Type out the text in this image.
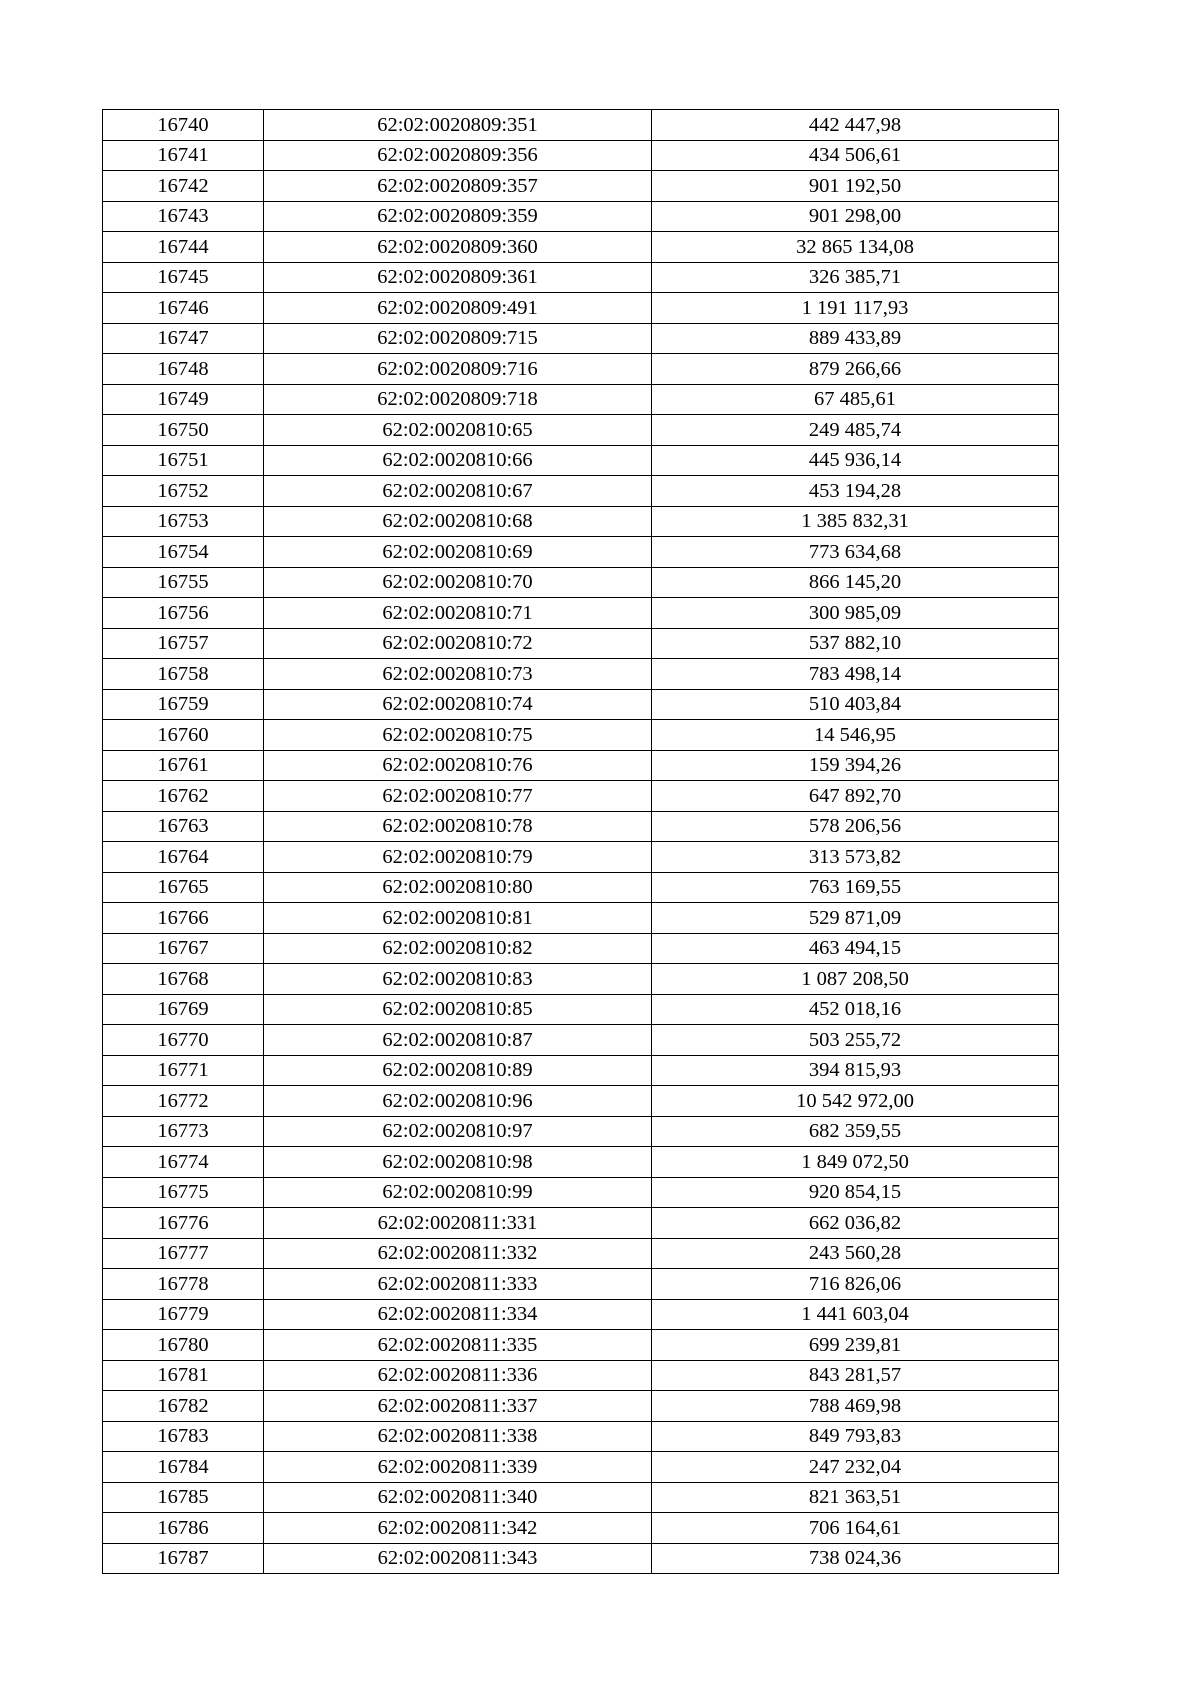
16740	62:02:0020809:351	442 447,98
16741	62:02:0020809:356	434 506,61
16742	62:02:0020809:357	901 192,50
16743	62:02:0020809:359	901 298,00
16744	62:02:0020809:360	32 865 134,08
16745	62:02:0020809:361	326 385,71
16746	62:02:0020809:491	1 191 117,93
16747	62:02:0020809:715	889 433,89
16748	62:02:0020809:716	879 266,66
16749	62:02:0020809:718	67 485,61
16750	62:02:0020810:65	249 485,74
16751	62:02:0020810:66	445 936,14
16752	62:02:0020810:67	453 194,28
16753	62:02:0020810:68	1 385 832,31
16754	62:02:0020810:69	773 634,68
16755	62:02:0020810:70	866 145,20
16756	62:02:0020810:71	300 985,09
16757	62:02:0020810:72	537 882,10
16758	62:02:0020810:73	783 498,14
16759	62:02:0020810:74	510 403,84
16760	62:02:0020810:75	14 546,95
16761	62:02:0020810:76	159 394,26
16762	62:02:0020810:77	647 892,70
16763	62:02:0020810:78	578 206,56
16764	62:02:0020810:79	313 573,82
16765	62:02:0020810:80	763 169,55
16766	62:02:0020810:81	529 871,09
16767	62:02:0020810:82	463 494,15
16768	62:02:0020810:83	1 087 208,50
16769	62:02:0020810:85	452 018,16
16770	62:02:0020810:87	503 255,72
16771	62:02:0020810:89	394 815,93
16772	62:02:0020810:96	10 542 972,00
16773	62:02:0020810:97	682 359,55
16774	62:02:0020810:98	1 849 072,50
16775	62:02:0020810:99	920 854,15
16776	62:02:0020811:331	662 036,82
16777	62:02:0020811:332	243 560,28
16778	62:02:0020811:333	716 826,06
16779	62:02:0020811:334	1 441 603,04
16780	62:02:0020811:335	699 239,81
16781	62:02:0020811:336	843 281,57
16782	62:02:0020811:337	788 469,98
16783	62:02:0020811:338	849 793,83
16784	62:02:0020811:339	247 232,04
16785	62:02:0020811:340	821 363,51
16786	62:02:0020811:342	706 164,61
16787	62:02:0020811:343	738 024,36
